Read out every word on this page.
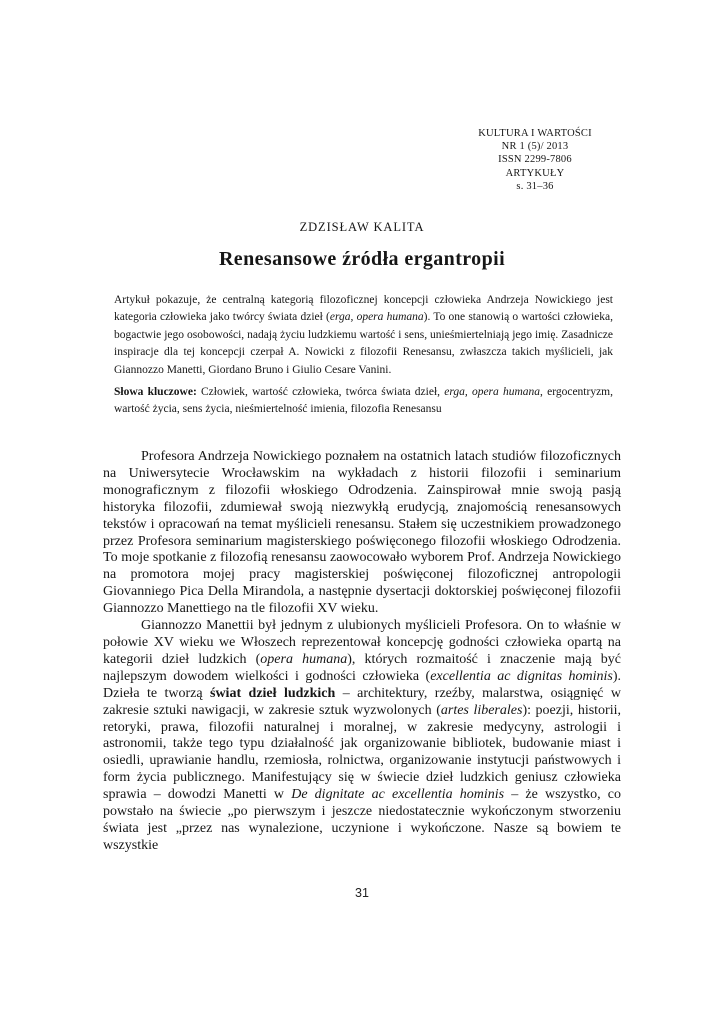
KULTURA I WARTOŚCI
NR 1 (5)/ 2013
ISSN 2299-7806
ARTYKUŁY
s. 31–36
ZDZISŁAW KALITA
Renesansowe źródła ergantropii
Artykuł pokazuje, że centralną kategorią filozoficznej koncepcji człowieka Andrzeja Nowickiego jest kategoria człowieka jako twórcy świata dzieł (erga, opera humana). To one stanowią o wartości człowieka, bogactwie jego osobowości, nadają życiu ludzkiemu wartość i sens, unieśmiertelniają jego imię. Zasadnicze inspiracje dla tej koncepcji czerpał A. Nowicki z filozofii Renesansu, zwłaszcza takich myślicieli, jak Giannozzo Manetti, Giordano Bruno i Giulio Cesare Vanini.
Słowa kluczowe: Człowiek, wartość człowieka, twórca świata dzieł, erga, opera humana, ergocentryzm, wartość życia, sens życia, nieśmiertelność imienia, filozofia Renesansu

Profesora Andrzeja Nowickiego poznałem na ostatnich latach studiów filozoficznych na Uniwersytecie Wrocławskim na wykładach z historii filozofii i seminarium monograficznym z filozofii włoskiego Odrodzenia. Zainspirował mnie swoją pasją historyka filozofii, zdumiewał swoją niezwykłą erudycją, znajomością renesansowych tekstów i opracowań na temat myślicieli renesansu. Stałem się uczestnikiem prowadzonego przez Profesora seminarium magisterskiego poświęconego filozofii włoskiego Odrodzenia. To moje spotkanie z filozofią renesansu zaowocowało wyborem Prof. Andrzeja Nowickiego na promotora mojej pracy magisterskiej poświęconej filozoficznej antropologii Giovanniego Pica Della Mirandola, a następnie dysertacji doktorskiej poświęconej filozofii Giannozzo Manettiego na tle filozofii XV wieku.

Giannozzo Manettii był jednym z ulubionych myślicieli Profesora. On to właśnie w połowie XV wieku we Włoszech reprezentował koncepcję godności człowieka opartą na kategorii dzieł ludzkich (opera humana), których rozmaitość i znaczenie mają być najlepszym dowodem wielkości i godności człowieka (excellentia ac dignitas hominis). Dzieła te tworzą świat dzieł ludzkich – architektury, rzeźby, malarstwa, osiągnięć w zakresie sztuki nawigacji, w zakresie sztuk wyzwolonych (artes liberales): poezji, historii, retoryki, prawa, filozofii naturalnej i moralnej, w zakresie medycyny, astrologii i astronomii, także tego typu działalność jak organizowanie bibliotek, budowanie miast i osiedli, uprawianie handlu, rzemiosła, rolnictwa, organizowanie instytucji państwowych i form życia publicznego. Manifestujący się w świecie dzieł ludzkich geniusz człowieka sprawia – dowodzi Manetti w De dignitate ac excellentia hominis – że wszystko, co powstało na świecie „po pierwszym i jeszcze niedostatecznie wykończonym stworzeniu świata jest „przez nas wynalezione, uczynione i wykończone. Nasze są bowiem te wszystkie

31
